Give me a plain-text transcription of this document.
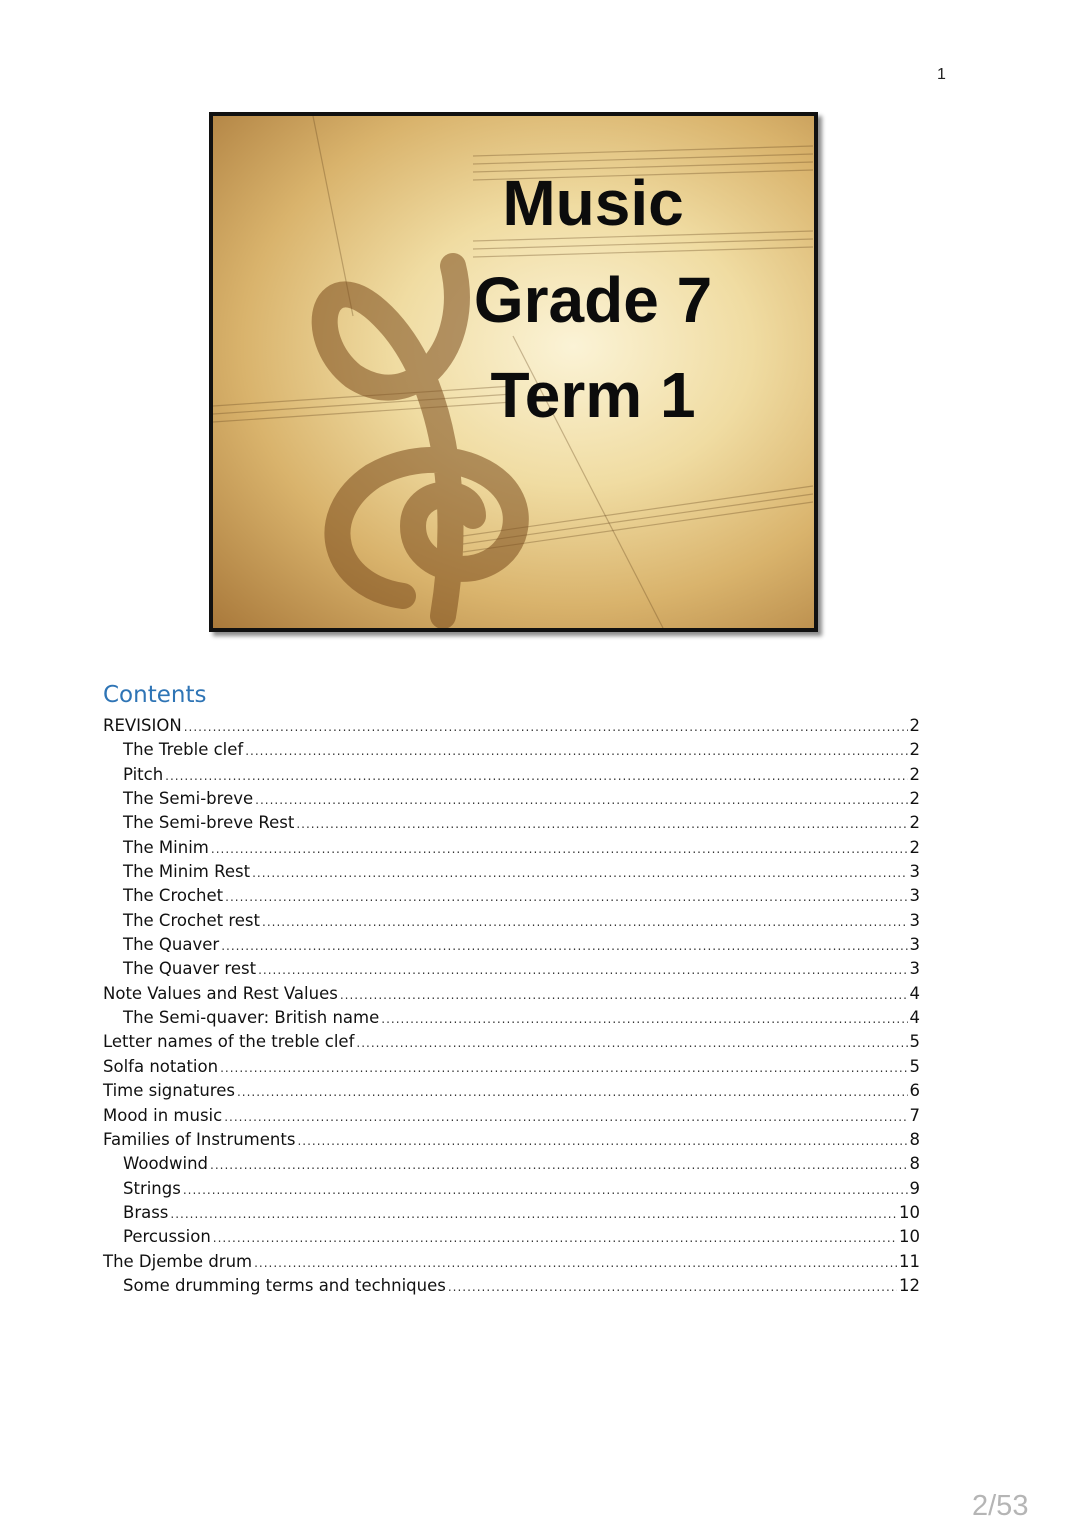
1
Music
Grade 7
Term 1
Contents
REVISION .....	2
The Treble clef .....	2
Pitch .....	2
The Semi-breve .....	2
The Semi-breve Rest .....	2
The Minim .....	2
The Minim Rest .....	3
The Crochet .....	3
The Crochet rest .....	3
The Quaver .....	3
The Quaver rest .....	3
Note Values and Rest Values .....	4
The Semi-quaver: British name .....	4
Letter names of the treble clef .....	5
Solfa notation .....	5
Time signatures .....	6
Mood in music .....	7
Families of Instruments .....	8
Woodwind .....	8
Strings .....	9
Brass .....	10
Percussion .....	10
The Djembe drum .....	11
Some drumming terms and techniques .....	12
2/53
